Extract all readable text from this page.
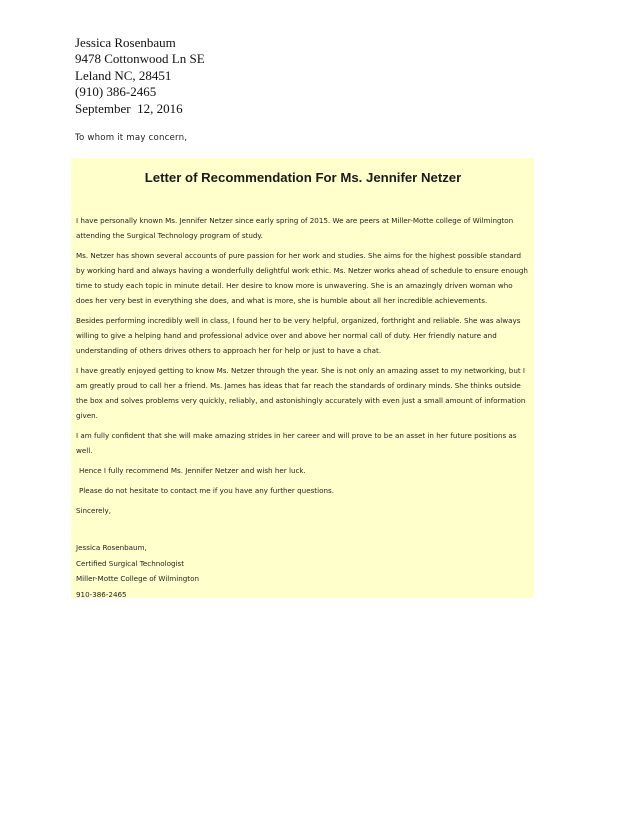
Jessica Rosenbaum
9478 Cottonwood Ln SE
Leland NC, 28451
(910) 386-2465
September  12, 2016
To whom it may concern,
Letter of Recommendation For Ms. Jennifer Netzer

I have personally known Ms. Jennifer Netzer since early spring of 2015. We are peers at Miller-Motte college of Wilmington attending the Surgical Technology program of study.

Ms. Netzer has shown several accounts of pure passion for her work and studies. She aims for the highest possible standard by working hard and always having a wonderfully delightful work ethic. Ms. Netzer works ahead of schedule to ensure enough time to study each topic in minute detail. Her desire to know more is unwavering. She is an amazingly driven woman who does her very best in everything she does, and what is more, she is humble about all her incredible achievements.

Besides performing incredibly well in class, I found her to be very helpful, organized, forthright and reliable. She was always willing to give a helping hand and professional advice over and above her normal call of duty. Her friendly nature and understanding of others drives others to approach her for help or just to have a chat.

I have greatly enjoyed getting to know Ms. Netzer through the year. She is not only an amazing asset to my networking, but I am greatly proud to call her a friend. Ms. James has ideas that far reach the standards of ordinary minds. She thinks outside the box and solves problems very quickly, reliably, and astonishingly accurately with even just a small amount of information given.

I am fully confident that she will make amazing strides in her career and will prove to be an asset in her future positions as well.

Hence I fully recommend Ms. Jennifer Netzer and wish her luck.

Please do not hesitate to contact me if you have any further questions.

Sincerely,

Jessica Rosenbaum,
Certified Surgical Technologist
Miller-Motte College of Wilmington
910-386-2465
